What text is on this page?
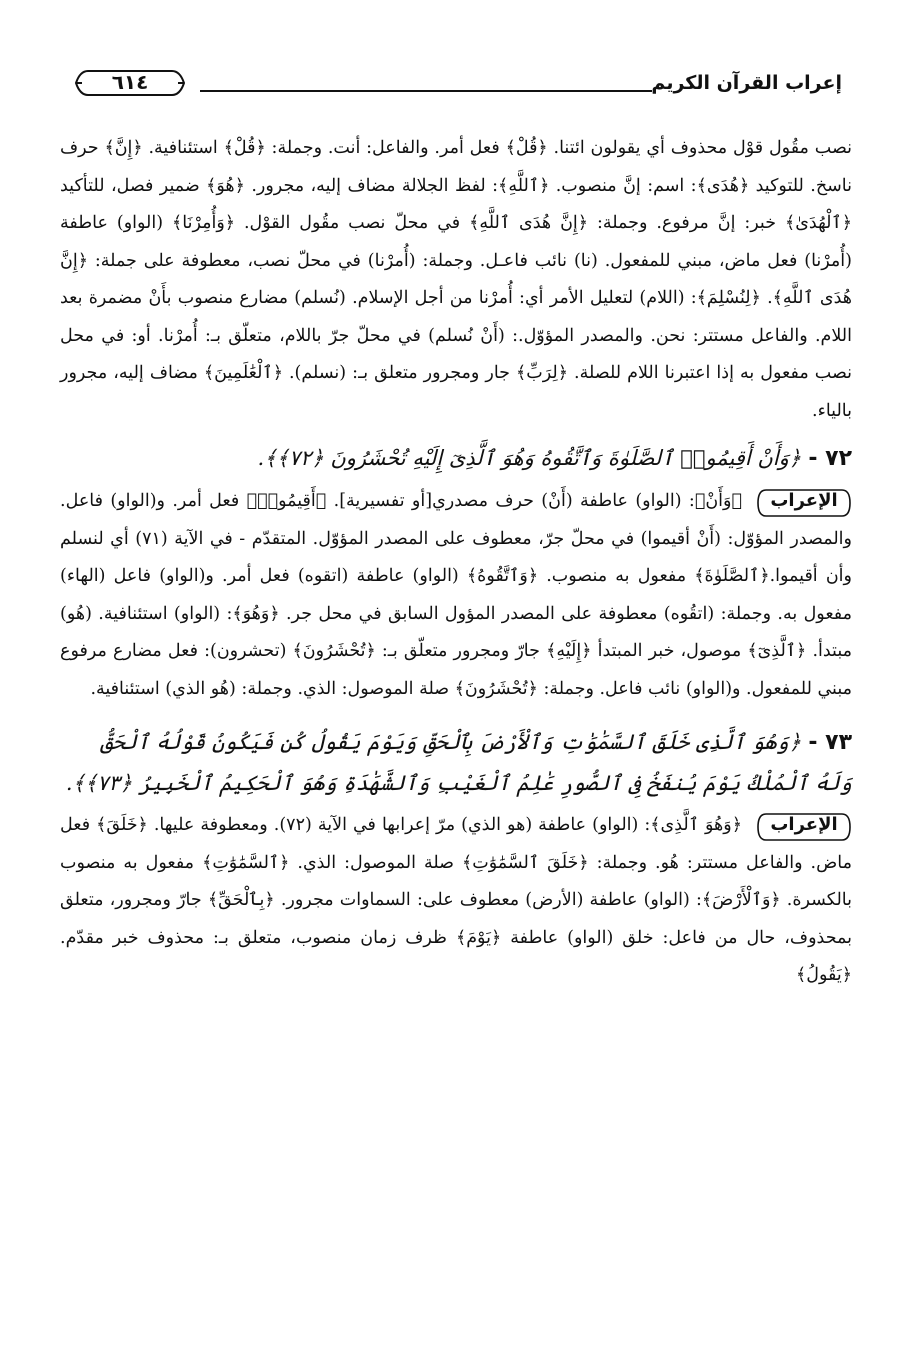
إعراب القرآن الكريم
٦١٤

نصب مقُول قوْل محذوف أي يقولون ائتنا. ﴿قُلْ﴾ فعل أمر. والفاعل: أنت. وجملة: ﴿قُلْ﴾ استئنافية. ﴿إِنَّ﴾ حرف ناسخ. للتوكيد ﴿هُدَى﴾: اسم: إنَّ منصوب. ﴿ٱللَّهِ﴾: لفظ الجلالة مضاف إليه، مجرور. ﴿هُوَ﴾ ضمير فصل، للتأكيد ﴿ٱلْهُدَىٰ﴾ خبر: إنَّ مرفوع. وجملة: ﴿إِنَّ هُدَى ٱللَّهِ﴾ في محلّ نصب مقُول القوْل. ﴿وَأُمِرْنَا﴾ (الواو) عاطفة (أُمرْنا) فعل ماض، مبني للمفعول. (نا) نائب فاعـل. وجملة: (أُمرْنا) في محلّ نصب، معطوفة على جملة: ﴿إِنَّ هُدَى ٱللَّهِ﴾. ﴿لِنُسْلِمَ﴾: (اللام) لتعليل الأمر أي: أُمرْنا من أجل الإسلام. (نُسلم) مضارع منصوب بأَنْ مضمرة بعد اللام. والفاعل مستتر: نحن. والمصدر المؤوّل.: (أَنْ نُسلم) في محلّ جرّ باللام، متعلّق بـ: أُمرْنا. أو: في محل نصب مفعول به إذا اعتبرنا اللام للصلة. ﴿لِرَبِّ﴾ جار ومجرور متعلق بـ: (نسلم). ﴿ٱلْعَٰلَمِينَ﴾ مضاف إليه، مجرور بالياء.

٧٢ - ﴿وَأَنْ أَقِيمُوا۟ ٱلصَّلَوٰةَ وَٱتَّقُوهُ وَهُوَ ٱلَّذِىٓ إِلَيْهِ تُحْشَرُونَ ﴿٧٢﴾﴾.
الإعراب

﴿وَأَنْ﴾: (الواو) عاطفة (أَنْ) حرف مصدري[أو تفسيرية]. ﴿أَقِيمُوا۟﴾ فعل أمر. و(الواو) فاعل. والمصدر المؤوّل: (أَنْ أقيموا) في محلّ جرّ، معطوف على المصدر المؤوّل. المتقدّم - في الآية (٧١) أي لنسلم وأن أقيموا.﴿ٱلصَّلَوٰةَ﴾ مفعول به منصوب. ﴿وَٱتَّقُوهُ﴾ (الواو) عاطفة (اتقوه) فعل أمر. و(الواو) فاعل (الهاء) مفعول به. وجملة: (اتقُوه) معطوفة على المصدر المؤول السابق في محل جر. ﴿وَهُوَ﴾: (الواو) استئنافية. (هُو) مبتدأ. ﴿ٱلَّذِىٓ﴾ موصول، خبر المبتدأ ﴿إِلَيْهِ﴾ جارّ ومجرور متعلّق بـ: ﴿تُحْشَرُونَ﴾ (تحشرون): فعل مضارع مرفوع مبني للمفعول. و(الواو) نائب فاعل. وجملة: ﴿تُحْشَرُونَ﴾ صلة الموصول: الذي. وجملة: (هُو الذي) استئنافية.

٧٣ - ﴿وَهُوَ ٱلَّذِى خَلَقَ ٱلسَّمَٰوَٰتِ وَٱلْأَرْضَ بِٱلْحَقِّ وَيَوْمَ يَقُولُ كُن فَيَكُونُ قَوْلُهُ ٱلْحَقُّ وَلَهُ ٱلْمُلْكُ يَوْمَ يُنفَخُ فِى ٱلصُّورِ عَٰلِمُ ٱلْغَيْبِ وَٱلشَّهَٰدَةِ وَهُوَ ٱلْحَكِيمُ ٱلْخَبِيرُ ﴿٧٣﴾﴾.
الإعراب

﴿وَهُوَ ٱلَّذِى﴾: (الواو) عاطفة (هو الذي) مرّ إعرابها في الآية (٧٢). ومعطوفة عليها. ﴿خَلَقَ﴾ فعل ماض. والفاعل مستتر: هُو. وجملة: ﴿خَلَقَ ٱلسَّمَٰوَٰتِ﴾ صلة الموصول: الذي. ﴿ٱلسَّمَٰوَٰتِ﴾ مفعول به منصوب بالكسرة. ﴿وَٱلْأَرْضَ﴾: (الواو) عاطفة (الأرض) معطوف على: السماوات مجرور. ﴿بِٱلْحَقِّ﴾ جارّ ومجرور، متعلق بمحذوف، حال من فاعل: خلق (الواو) عاطفة ﴿يَوْمَ﴾ ظرف زمان منصوب، متعلق بـ: محذوف خبر مقدّم. ﴿يَقُولُ﴾
